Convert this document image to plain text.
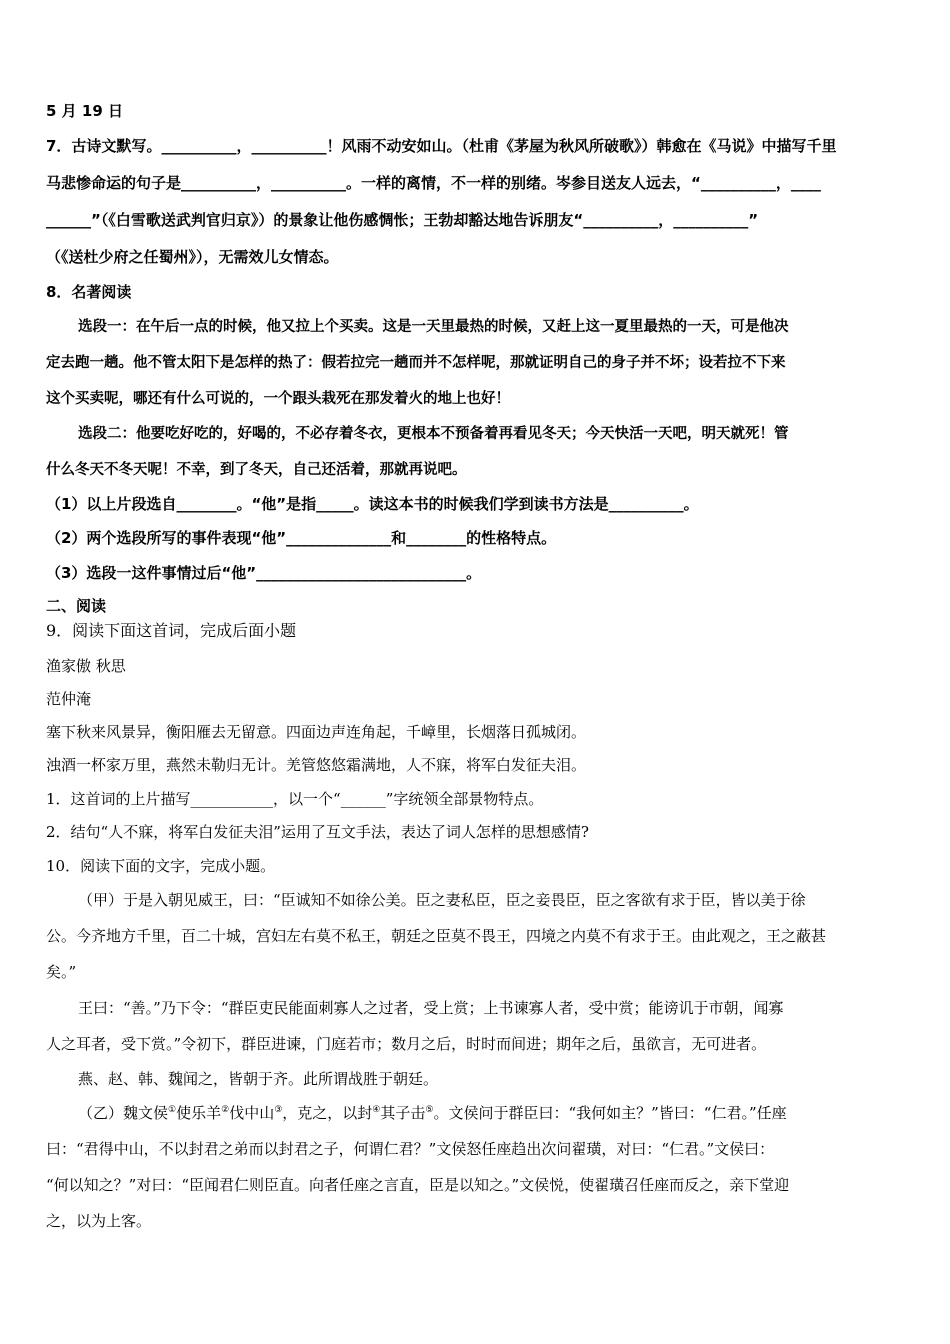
5 月 19 日
7．古诗文默写。__________，__________！风雨不动安如山。（杜甫《茅屋为秋风所破歌》）韩愈在《马说》中描写千里
马悲惨命运的句子是__________，__________。一样的离情，不一样的别绪。岑参目送友人远去，“__________，____
______”（《白雪歌送武判官归京》）的景象让他伤感惆怅；王勃却豁达地告诉朋友“__________，__________”
（《送杜少府之任蜀州》），无需效儿女情态。
8．名著阅读
选段一：在午后一点的时候，他又拉上个买卖。这是一天里最热的时候，又赶上这一夏里最热的一天，可是他决
定去跑一趟。他不管太阳下是怎样的热了：假若拉完一趟而并不怎样呢，那就证明自己的身子并不坏；设若拉不下来
这个买卖呢，哪还有什么可说的，一个跟头栽死在那发着火的地上也好！
选段二：他要吃好吃的，好喝的，不必存着冬衣，更根本不预备着再看见冬天；今天快活一天吧，明天就死！管
什么冬天不冬天呢！不幸，到了冬天，自己还活着，那就再说吧。
（1）以上片段选自________。“他”是指_____。读这本书的时候我们学到读书方法是__________。
（2）两个选段所写的事件表现“他”______________和________的性格特点。
（3）选段一这件事情过后“他”____________________________。
二、阅读
9．阅读下面这首词，完成后面小题
渔家傲 秋思
范仲淹
塞下秋来风景异，衡阳雁去无留意。四面边声连角起，千嶂里，长烟落日孤城闭。
浊酒一杯家万里，燕然未勒归无计。羌管悠悠霜满地，人不寐，将军白发征夫泪。
1．这首词的上片描写___________，以一个“______”字统领全部景物特点。
2．结句“人不寐，将军白发征夫泪”运用了互文手法，表达了词人怎样的思想感情?
10．阅读下面的文字，完成小题。
（甲）于是入朝见威王，曰：“臣诚知不如徐公美。臣之妻私臣，臣之妾畏臣，臣之客欲有求于臣，皆以美于徐
公。今齐地方千里，百二十城，宫妇左右莫不私王，朝廷之臣莫不畏王，四境之内莫不有求于王。由此观之，王之蔽甚
矣。”
王曰：“善。”乃下令：“群臣吏民能面刺寡人之过者，受上赏；上书谏寡人者，受中赏；能谤讥于市朝，闻寡
人之耳者，受下赏。”令初下，群臣进谏，门庭若市；数月之后，时时而间进；期年之后，虽欲言，无可进者。
燕、赵、韩、魏闻之，皆朝于齐。此所谓战胜于朝廷。
（乙）魏文侯①使乐羊②伐中山③，克之，以封④其子击⑤。文侯问于群臣曰：“我何如主？”皆曰：“仁君。”任座
曰：“君得中山，不以封君之弟而以封君之子，何谓仁君？”文侯怒任座趋出次问翟璜，对曰：“仁君。”文侯曰：
“何以知之？”对曰：“臣闻君仁则臣直。向者任座之言直，臣是以知之。”文侯悦，使翟璜召任座而反之，亲下堂迎
之，以为上客。
